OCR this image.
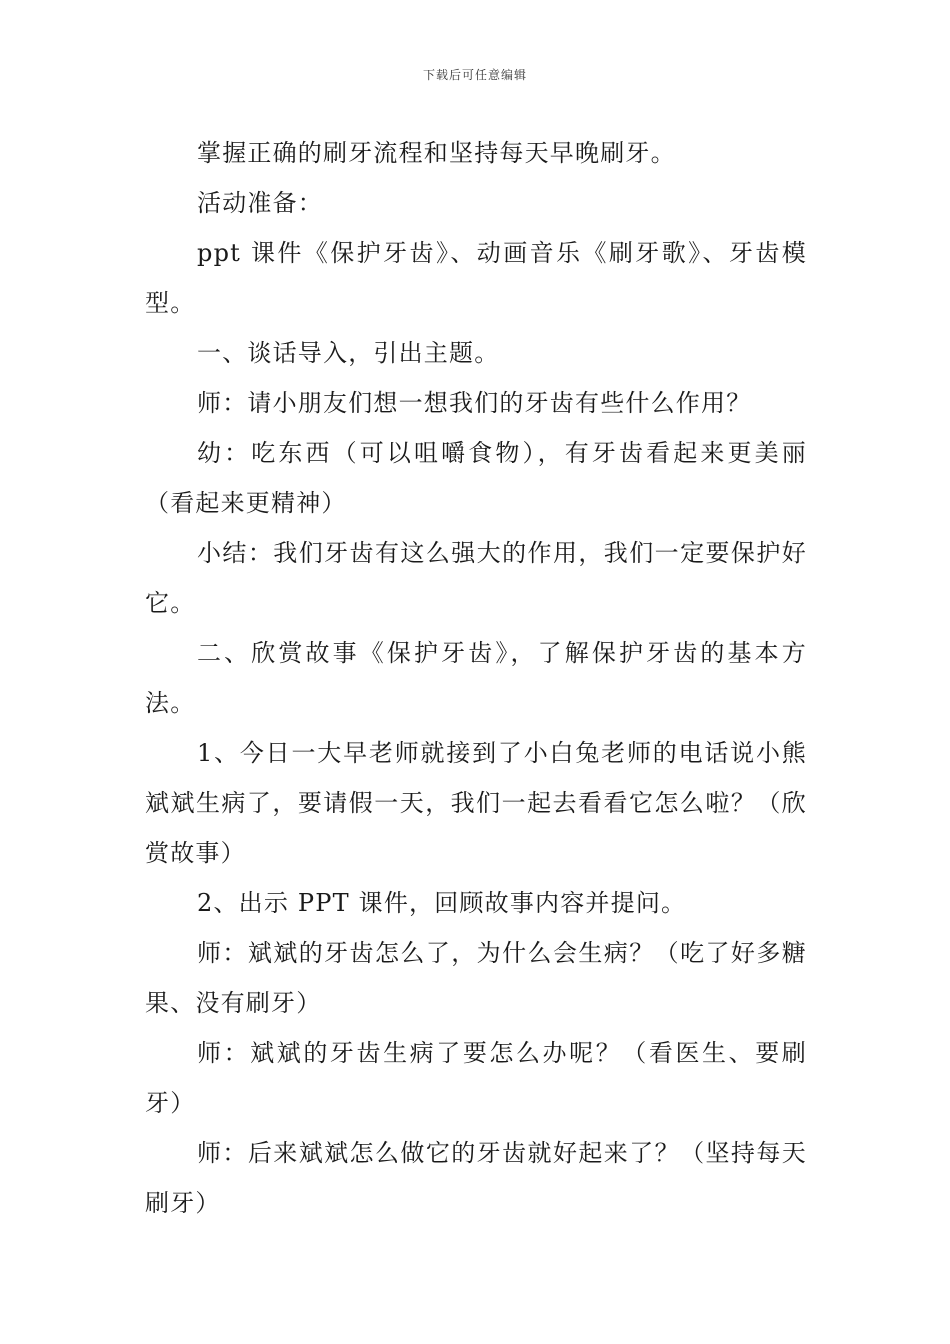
下载后可任意编辑

掌握正确的刷牙流程和坚持每天早晚刷牙。

活动准备：

ppt 课件《保护牙齿》、动画音乐《刷牙歌》、牙齿模型。

一、谈话导入，引出主题。

师：请小朋友们想一想我们的牙齿有些什么作用？

幼：吃东西（可以咀嚼食物），有牙齿看起来更美丽（看起来更精神）

小结：我们牙齿有这么强大的作用，我们一定要保护好它。

二、欣赏故事《保护牙齿》，了解保护牙齿的基本方法。

1、今日一大早老师就接到了小白兔老师的电话说小熊斌斌生病了，要请假一天，我们一起去看看它怎么啦？（欣赏故事）

2、出示 PPT 课件，回顾故事内容并提问。

师：斌斌的牙齿怎么了，为什么会生病？（吃了好多糖果、没有刷牙）

师：斌斌的牙齿生病了要怎么办呢？（看医生、要刷牙）

师：后来斌斌怎么做它的牙齿就好起来了？（坚持每天刷牙）
